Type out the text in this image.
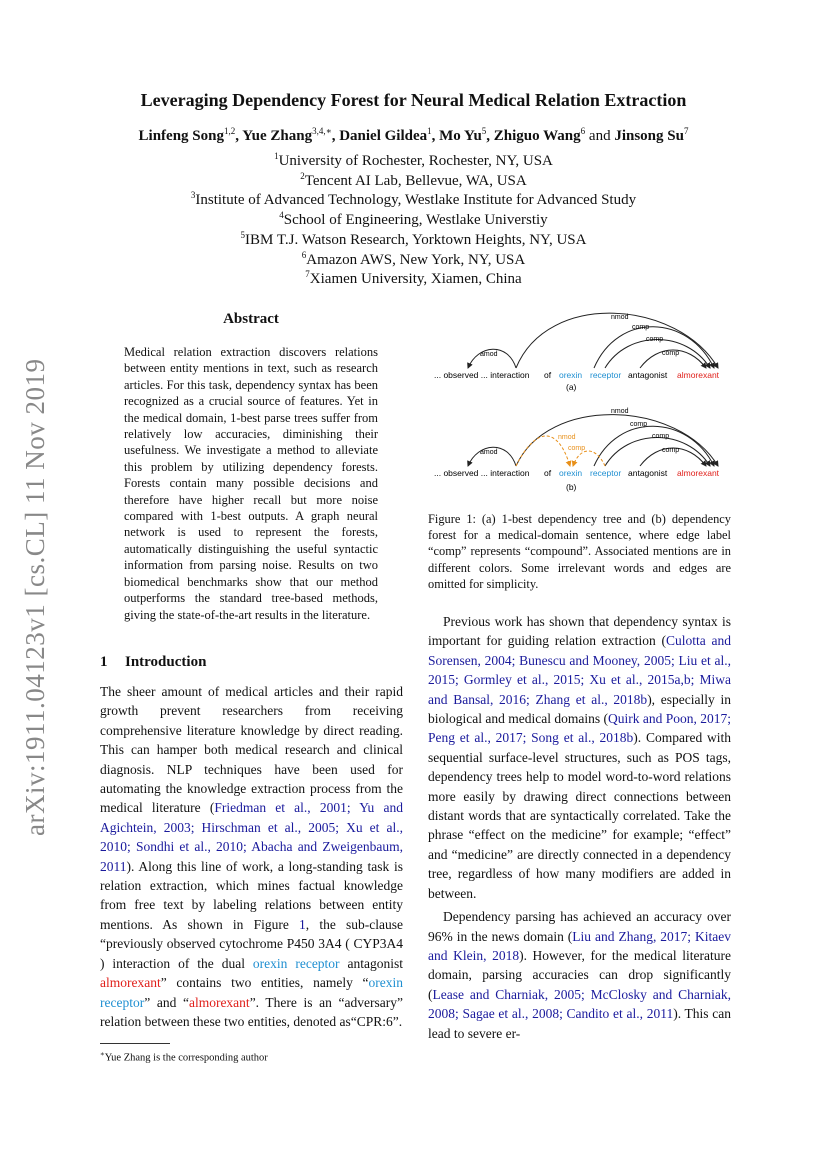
Leveraging Dependency Forest for Neural Medical Relation Extraction
Linfeng Song$^{1,2}$, Yue Zhang$^{3,4,∗}$, Daniel Gildea$^1$, Mo Yu$^5$, Zhiguo Wang$^6$ and Jinsong Su$^7$
$^1$University of Rochester, Rochester, NY, USA
$^2$Tencent AI Lab, Bellevue, WA, USA
$^3$Institute of Advanced Technology, Westlake Institute for Advanced Study
$^4$School of Engineering, Westlake Universtiy
$^5$IBM T.J. Watson Research, Yorktown Heights, NY, USA
$^6$Amazon AWS, New York, NY, USA
$^7$Xiamen University, Xiamen, China
arXiv:1911.04123v1 [cs.CL] 11 Nov 2019
Abstract
Medical relation extraction discovers relations between entity mentions in text, such as research articles. For this task, dependency syntax has been recognized as a crucial source of features. Yet in the medical domain, 1-best parse trees suffer from relatively low accuracies, diminishing their usefulness. We investigate a method to alleviate this problem by utilizing dependency forests. Forests contain many possible decisions and therefore have higher recall but more noise compared with 1-best outputs. A graph neural network is used to represent the forests, automatically distinguishing the useful syntactic information from parsing noise. Results on two biomedical benchmarks show that our method outperforms the standard tree-based methods, giving the state-of-the-art results in the literature.
amod
nmod
comp
comp
comp
... observed ... interaction of orexin receptor antagonist almorexant
(a)
amod
nmod
comp
comp
comp
nmod
comp
... observed ... interaction of orexin receptor antagonist almorexant
(b)
Figure 1: (a) 1-best dependency tree and (b) dependency forest for a medical-domain sentence, where edge label “comp” represents “compound”. Associated mentions are in different colors. Some irrelevant words and edges are omitted for simplicity.
1 Introduction

The sheer amount of medical articles and their rapid growth prevent researchers from receiving comprehensive literature knowledge by direct reading. This can hamper both medical research and clinical diagnosis. NLP techniques have been used for automating the knowledge extraction process from the medical literature (Friedman et al., 2001; Yu and Agichtein, 2003; Hirschman et al., 2005; Xu et al., 2010; Sondhi et al., 2010; Abacha and Zweigenbaum, 2011). Along this line of work, a long-standing task is relation extraction, which mines factual knowledge from free text by labeling relations between entity mentions. As shown in Figure 1, the sub-clause “previously observed cytochrome P450 3A4 ( CYP3A4 ) interaction of the dual orexin receptor antagonist almorexant” contains two entities, namely “orexin receptor” and “almorexant”. There is an “adversary” relation between these two entities, denoted as“CPR:6”.

Previous work has shown that dependency syntax is important for guiding relation extraction (Culotta and Sorensen, 2004; Bunescu and Mooney, 2005; Liu et al., 2015; Gormley et al., 2015; Xu et al., 2015a,b; Miwa and Bansal, 2016; Zhang et al., 2018b), especially in biological and medical domains (Quirk and Poon, 2017; Peng et al., 2017; Song et al., 2018b). Compared with sequential surface-level structures, such as POS tags, dependency trees help to model word-to-word relations more easily by drawing direct connections between distant words that are syntactically correlated. Take the phrase “effect on the medicine” for example; “effect” and “medicine” are directly connected in a dependency tree, regardless of how many modifiers are added in between.

Dependency parsing has achieved an accuracy over 96% in the news domain (Liu and Zhang, 2017; Kitaev and Klein, 2018). However, for the medical literature domain, parsing accuracies can drop significantly (Lease and Charniak, 2005; McClosky and Charniak, 2008; Sagae et al., 2008; Candito et al., 2011). This can lead to severe er-

∗Yue Zhang is the corresponding author
